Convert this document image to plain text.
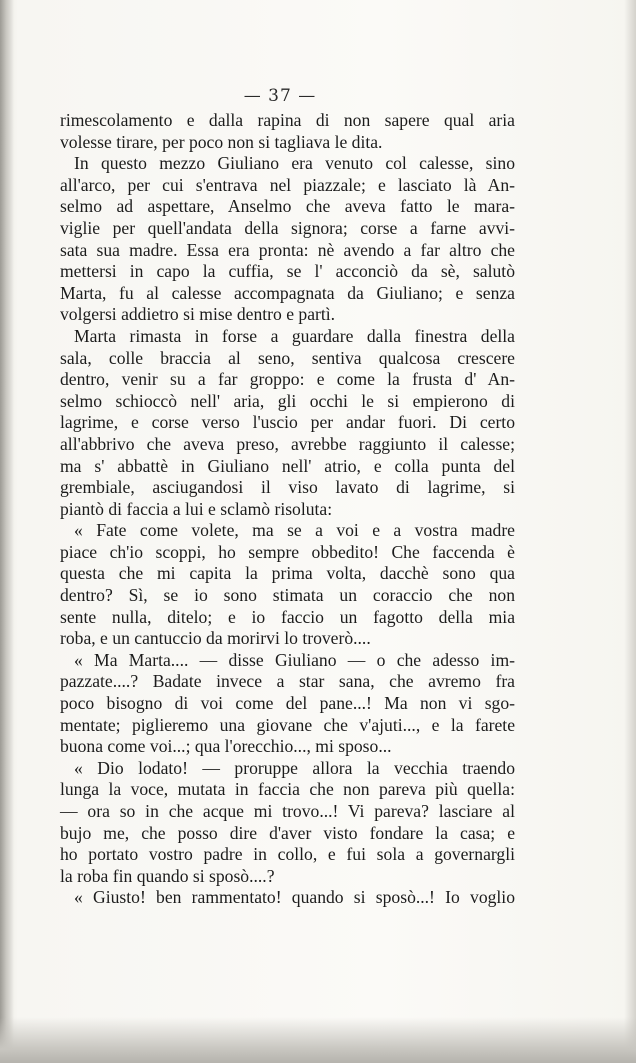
— 37 —
rimescolamento e dalla rapina di non sapere qual aria
volesse tirare, per poco non si tagliava le dita.
In questo mezzo Giuliano era venuto col calesse, sino
all'arco, per cui s'entrava nel piazzale; e lasciato là An-
selmo ad aspettare, Anselmo che aveva fatto le mara-
viglie per quell'andata della signora; corse a farne avvi-
sata sua madre. Essa era pronta: nè avendo a far altro che
mettersi in capo la cuffia, se l' acconciò da sè, salutò
Marta, fu al calesse accompagnata da Giuliano; e senza
volgersi addietro si mise dentro e partì.
Marta rimasta in forse a guardare dalla finestra della
sala, colle braccia al seno, sentiva qualcosa crescere
dentro, venir su a far groppo: e come la frusta d' An-
selmo schioccò nell' aria, gli occhi le si empierono di
lagrime, e corse verso l'uscio per andar fuori. Di certo
all'abbrivo che aveva preso, avrebbe raggiunto il calesse;
ma s' abbattè in Giuliano nell' atrio, e colla punta del
grembiale, asciugandosi il viso lavato di lagrime, si
piantò di faccia a lui e sclamò risoluta:
« Fate come volete, ma se a voi e a vostra madre
piace ch'io scoppi, ho sempre obbedito! Che faccenda è
questa che mi capita la prima volta, dacchè sono qua
dentro? Sì, se io sono stimata un coraccio che non
sente nulla, ditelo; e io faccio un fagotto della mia
roba, e un cantuccio da morirvi lo troverò....
« Ma Marta.... — disse Giuliano — o che adesso im-
pazzate....? Badate invece a star sana, che avremo fra
poco bisogno di voi come del pane...! Ma non vi sgo-
mentate; piglieremo una giovane che v'ajuti..., e la farete
buona come voi...; qua l'orecchio..., mi sposo...
« Dio lodato! — proruppe allora la vecchia traendo
lunga la voce, mutata in faccia che non pareva più quella:
— ora so in che acque mi trovo...! Vi pareva? lasciare al
bujo me, che posso dire d'aver visto fondare la casa; e
ho portato vostro padre in collo, e fui sola a governargli
la roba fin quando si sposò....?
« Giusto! ben rammentato! quando si sposò...! Io voglio
